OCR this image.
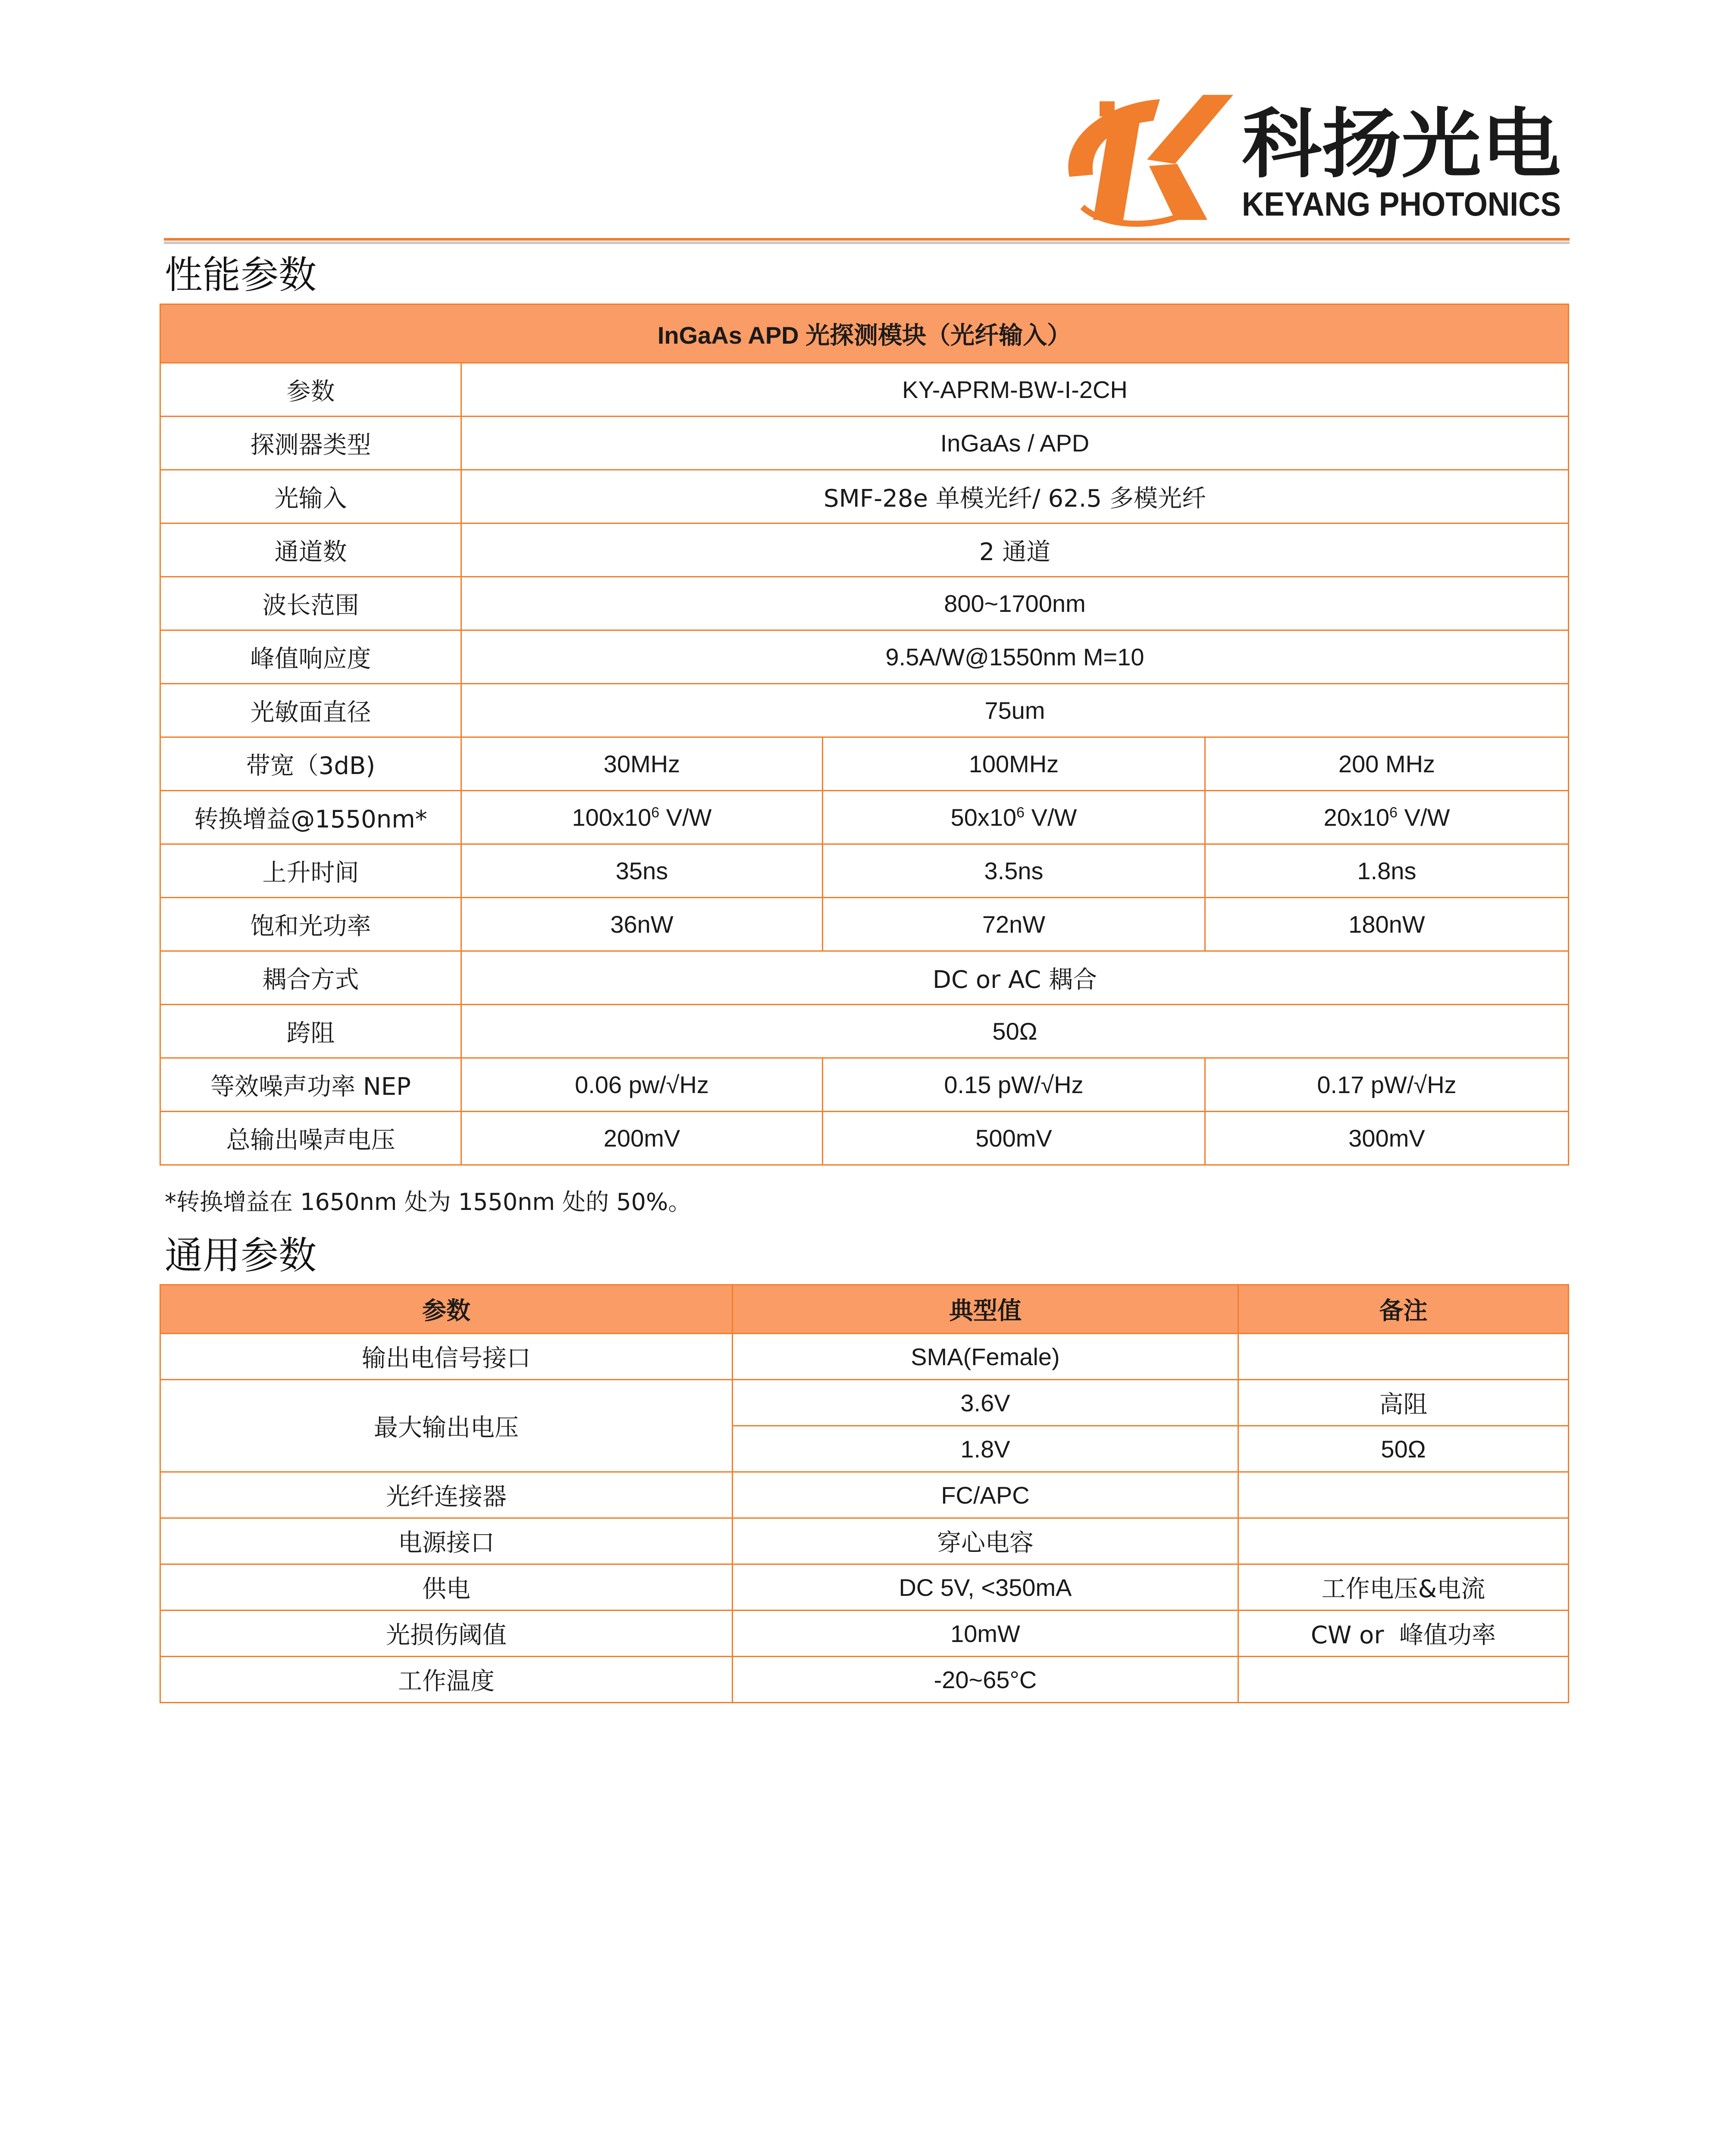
科扬光电
KEYANG PHOTONICS
性能参数
InGaAs APD 光探测模块（光纤输入）			
参数	KY-APRM-BW-I-2CH		
探测器类型	InGaAs / APD		
光输入	SMF-28e 单模光纤/ 62.5 多模光纤		
通道数	2 通道		
波长范围	800~1700nm		
峰值响应度	9.5A/W@1550nm M=10		
光敏面直径	75um		
带宽（3dB)	30MHz	100MHz	200 MHz
转换增益@1550nm*	$100x10^6$ V/W	$50x10^6$ V/W	$20x10^6$ V/W
上升时间	35ns	3.5ns	1.8ns
饱和光功率	36nW	72nW	180nW
耦合方式	DC or AC 耦合		
跨阻	50Ω		
等效噪声功率 NEP	0.06 pw/√Hz	0.15 pW/√Hz	0.17 pW/√Hz
总输出噪声电压	200mV	500mV	300mV
*转换增益在 1650nm 处为 1550nm 处的 50%。
通用参数
参数	典型值	备注
输出电信号接口	SMA(Female)	
最大输出电压	3.6V	高阻
	1.8V	50Ω
光纤连接器	FC/APC	
电源接口	穿心电容	
供电	DC 5V, <350mA	工作电压&电流
光损伤阈值	10mW	CW or  峰值功率
工作温度	-20~65°C	
